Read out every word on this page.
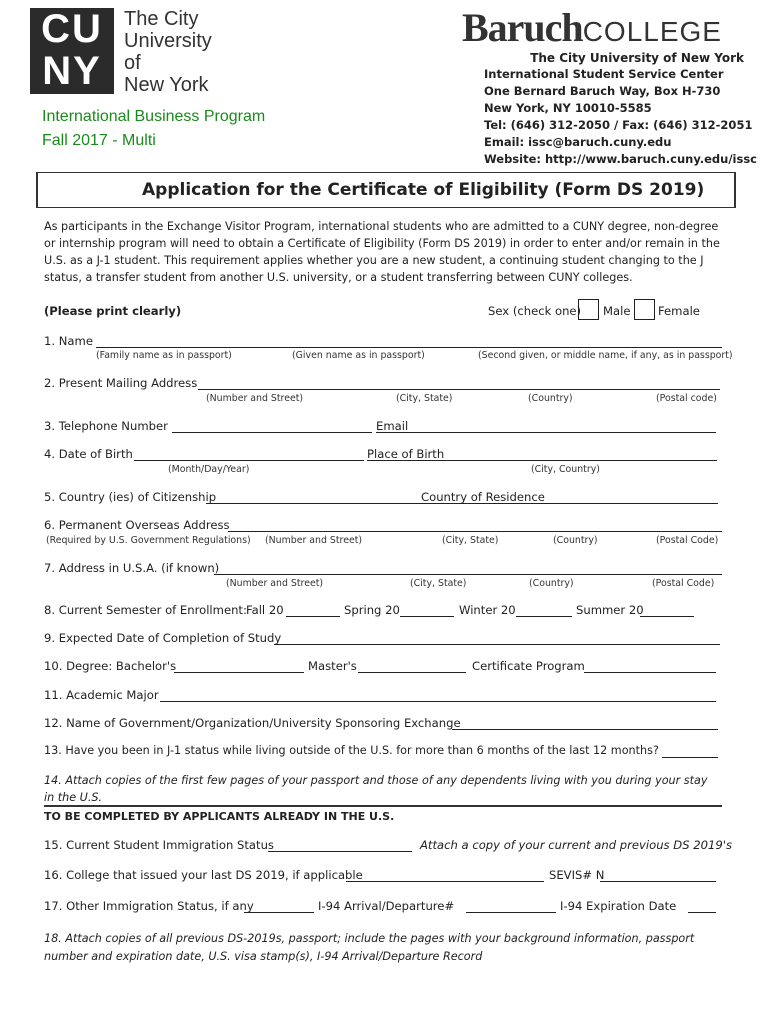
CU NY
The City
University
of
New York
International Business Program
Fall 2017 - Multi
BaruchCOLLEGE
The City University of New York
International Student Service Center
One Bernard Baruch Way, Box H-730
New York, NY 10010-5585
Tel: (646) 312-2050 / Fax: (646) 312-2051
Email: issc@baruch.cuny.edu
Website: http://www.baruch.cuny.edu/issc
Application for the Certificate of Eligibility (Form DS 2019)
As participants in the Exchange Visitor Program, international students who are admitted to a CUNY degree, non-degree or internship program will need to obtain a Certificate of Eligibility (Form DS 2019) in order to enter and/or remain in the U.S. as a J-1 student. This requirement applies whether you are a new student, a continuing student changing to the J status, a transfer student from another U.S. university, or a student transferring between CUNY colleges.
(Please print clearly)	Sex (check one) Male Female
1. Name
(Family name as in passport)	(Given name as in passport)	(Second given, or middle name, if any, as in passport)
2. Present Mailing Address
(Number and Street)	(City, State)	(Country)	(Postal code)
3. Telephone Number	Email
4. Date of Birth	Place of Birth
(Month/Day/Year)	(City, Country)
5. Country (ies) of Citizenship	Country of Residence
6. Permanent Overseas Address
(Required by U.S. Government Regulations) (Number and Street)	(City, State)	(Country)	(Postal Code)
7. Address in U.S.A. (if known)
(Number and Street)	(City, State)	(Country)	(Postal Code)
8. Current Semester of Enrollment: Fall 20	Spring 20	Winter 20	Summer 20
9. Expected Date of Completion of Study
10. Degree: Bachelor's	Master's	Certificate Program
11. Academic Major
12. Name of Government/Organization/University Sponsoring Exchange
13. Have you been in J-1 status while living outside of the U.S. for more than 6 months of the last 12 months?
14. Attach copies of the first few pages of your passport and those of any dependents living with you during your stay in the U.S.
TO BE COMPLETED BY APPLICANTS ALREADY IN THE U.S.
15. Current Student Immigration Status	Attach a copy of your current and previous DS 2019's
16. College that issued your last DS 2019, if applicable	SEVIS# N
17. Other Immigration Status, if any	I-94 Arrival/Departure#	I-94 Expiration Date
18. Attach copies of all previous DS-2019s, passport; include the pages with your background information, passport number and expiration date, U.S. visa stamp(s), I-94 Arrival/Departure Record
